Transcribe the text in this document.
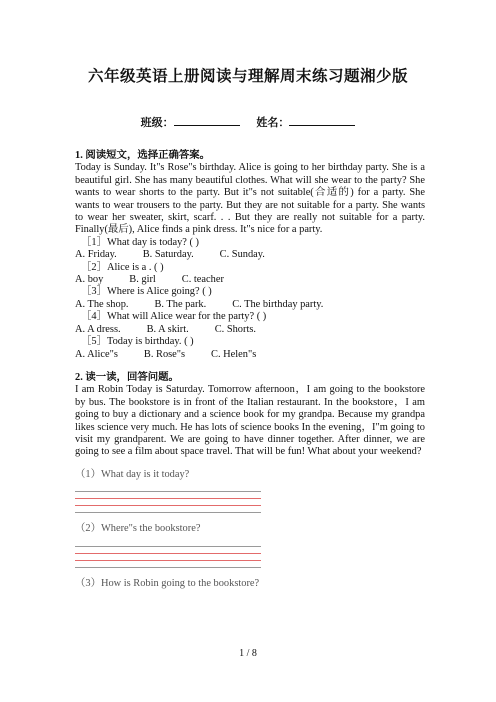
六年级英语上册阅读与理解周末练习题湘少版
班级：	姓名：

1. 阅读短文，选择正确答案。

Today is Sunday. It"s Rose"s birthday. Alice is going to her birthday party. She is a beautiful girl. She has many beautiful clothes. What will she wear to the party? She wants to wear shorts to the party. But it"s not suitable(合适的) for a party. She wants to wear trousers to the party. But they are not suitable for a party. She wants to wear her sweater, skirt, scarf. . . But they are really not suitable for a party. Finally(最后), Alice finds a pink dress. It"s nice for a party.

［1］What day is today? ( )

A. Friday.          B. Saturday.          C. Sunday.

［2］Alice is a . ( )

A. boy          B. girl          C. teacher

［3］Where is Alice going? ( )

A. The shop.          B. The park.          C. The birthday party.

［4］What will Alice wear for the party? ( )

A. A dress.          B. A skirt.          C. Shorts.

［5］Today is birthday. ( )

A. Alice"s          B. Rose"s          C. Helen"s

2. 读一读，回答问题。

I am Robin Today is Saturday. Tomorrow afternoon，I am going to the bookstore by bus. The bookstore is in front of the Italian restaurant. In the bookstore，I am going to buy a dictionary and a science book for my grandpa. Because my grandpa likes science very much. He has lots of science books In the evening，I"m going to visit my grandparent. We are going to have dinner together. After dinner, we are going to see a film about space travel. That will be fun! What about your weekend?

（1）What day is it today?

（2）Where"s the bookstore?

（3）How is Robin going to the bookstore?

1 / 8
